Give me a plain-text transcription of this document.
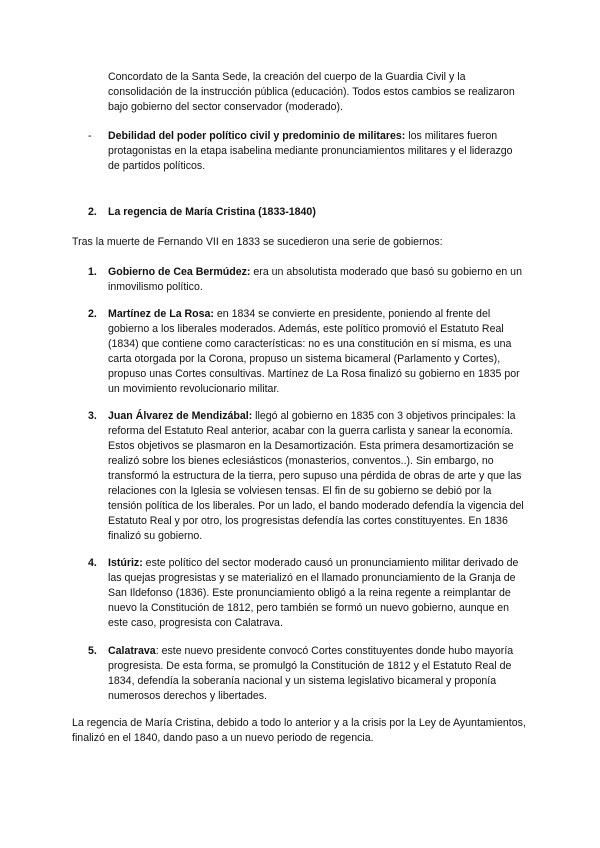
Concordato de la Santa Sede, la creación del cuerpo de la Guardia Civil y la consolidación de la instrucción pública (educación). Todos estos cambios se realizaron bajo gobierno del sector conservador (moderado).

- Debilidad del poder político civil y predominio de militares: los militares fueron protagonistas en la etapa isabelina mediante pronunciamientos militares y el liderazgo de partidos políticos.

2. La regencia de María Cristina (1833-1840)

Tras la muerte de Fernando VII en 1833 se sucedieron una serie de gobiernos:

1. Gobierno de Cea Bermúdez: era un absolutista moderado que basó su gobierno en un inmovilismo político.

2. Martínez de La Rosa: en 1834 se convierte en presidente, poniendo al frente del gobierno a los liberales moderados. Además, este político promovió el Estatuto Real (1834) que contiene como características: no es una constitución en sí misma, es una carta otorgada por la Corona, propuso un sistema bicameral (Parlamento y Cortes), propuso unas Cortes consultivas. Martínez de La Rosa finalizó su gobierno en 1835 por un movimiento revolucionario militar.

3. Juan Álvarez de Mendizábal: llegó al gobierno en 1835 con 3 objetivos principales: la reforma del Estatuto Real anterior, acabar con la guerra carlista y sanear la economía. Estos objetivos se plasmaron en la Desamortización. Esta primera desamortización se realizó sobre los bienes eclesiásticos (monasterios, conventos..). Sin embargo, no transformó la estructura de la tierra, pero supuso una pérdida de obras de arte y que las relaciones con la Iglesia se volviesen tensas. El fin de su gobierno se debió por la tensión política de los liberales. Por un lado, el bando moderado defendía la vigencia del Estatuto Real y por otro, los progresistas defendía las cortes constituyentes. En 1836 finalizó su gobierno.

4. Istúriz: este político del sector moderado causó un pronunciamiento militar derivado de las quejas progresistas y se materializó en el llamado pronunciamiento de la Granja de San Ildefonso (1836). Este pronunciamiento obligó a la reina regente a reimplantar de nuevo la Constitución de 1812, pero también se formó un nuevo gobierno, aunque en este caso, progresista con Calatrava.

5. Calatrava: este nuevo presidente convocó Cortes constituyentes donde hubo mayoría progresista. De esta forma, se promulgó la Constitución de 1812 y el Estatuto Real de 1834, defendía la soberanía nacional y un sistema legislativo bicameral y proponía numerosos derechos y libertades.

La regencia de María Cristina, debido a todo lo anterior y a la crisis por la Ley de Ayuntamientos, finalizó en el 1840, dando paso a un nuevo periodo de regencia.
